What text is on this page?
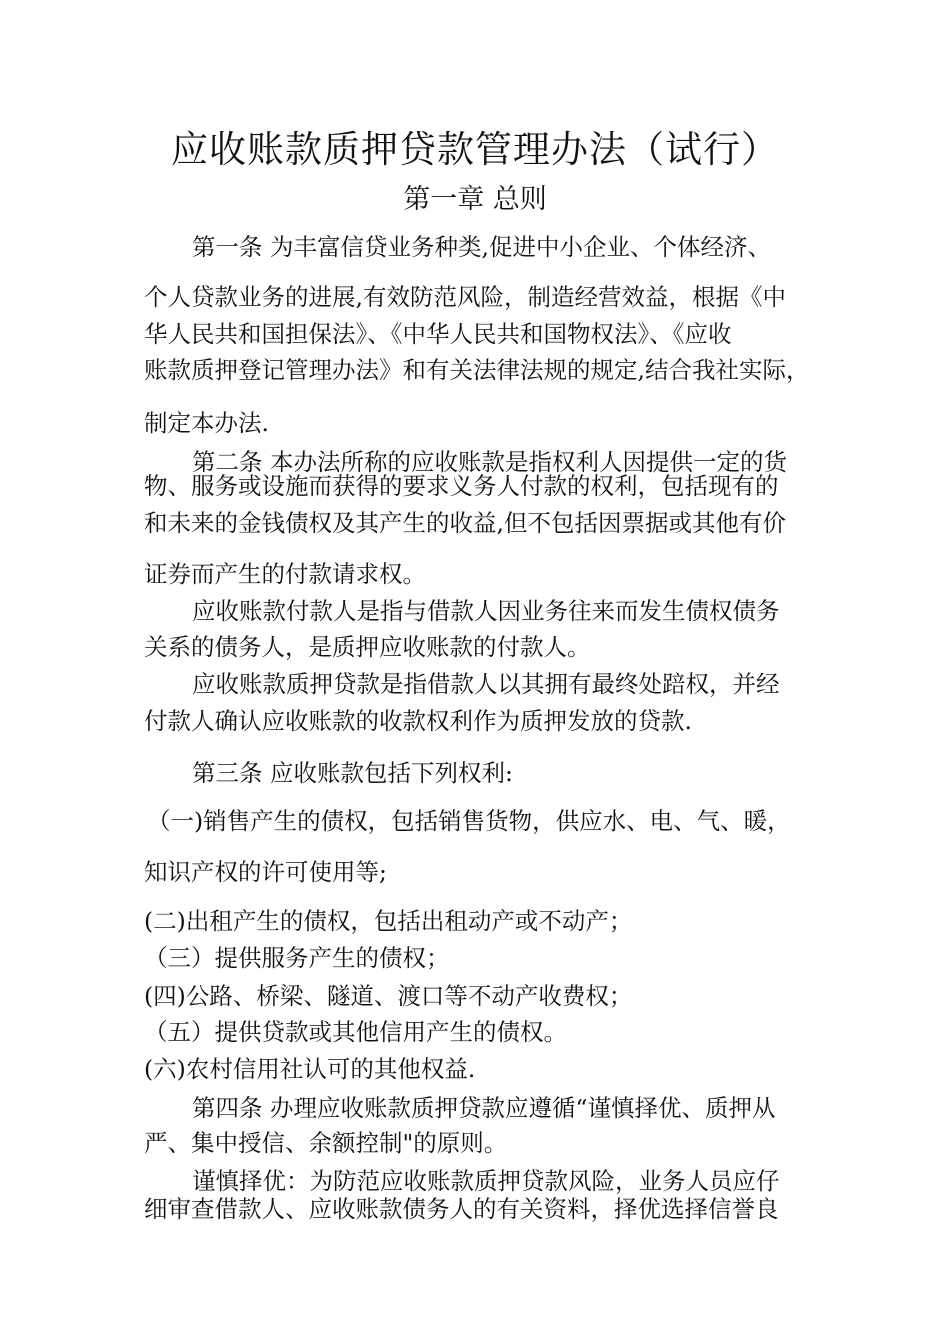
应收账款质押贷款管理办法（试行）
第一章 总则
第一条 为丰富信贷业务种类,促进中小企业、个体经济、
个人贷款业务的进展,有效防范风险，制造经营效益，根据《中
华人民共和国担保法》、《中华人民共和国物权法》、《应收
账款质押登记管理办法》和有关法律法规的规定,结合我社实际，
制定本办法.
第二条 本办法所称的应收账款是指权利人因提供一定的货
物、服务或设施而获得的要求义务人付款的权利，包括现有的
和未来的金钱债权及其产生的收益,但不包括因票据或其他有价
证券而产生的付款请求权。
应收账款付款人是指与借款人因业务往来而发生债权债务
关系的债务人，是质押应收账款的付款人。
应收账款质押贷款是指借款人以其拥有最终处踣权，并经
付款人确认应收账款的收款权利作为质押发放的贷款.
第三条 应收账款包括下列权利:
（一)销售产生的债权，包括销售货物，供应水、电、气、暖，
知识产权的许可使用等;
(二)出租产生的债权，包括出租动产或不动产；
（三）提供服务产生的债权；
(四)公路、桥梁、隧道、渡口等不动产收费权；
（五）提供贷款或其他信用产生的债权。
(六)农村信用社认可的其他权益.
第四条 办理应收账款质押贷款应遵循“谨慎择优、质押从
严、集中授信、余额控制"的原则。
谨慎择优：为防范应收账款质押贷款风险，业务人员应仔
细审查借款人、应收账款债务人的有关资料，择优选择信誉良
